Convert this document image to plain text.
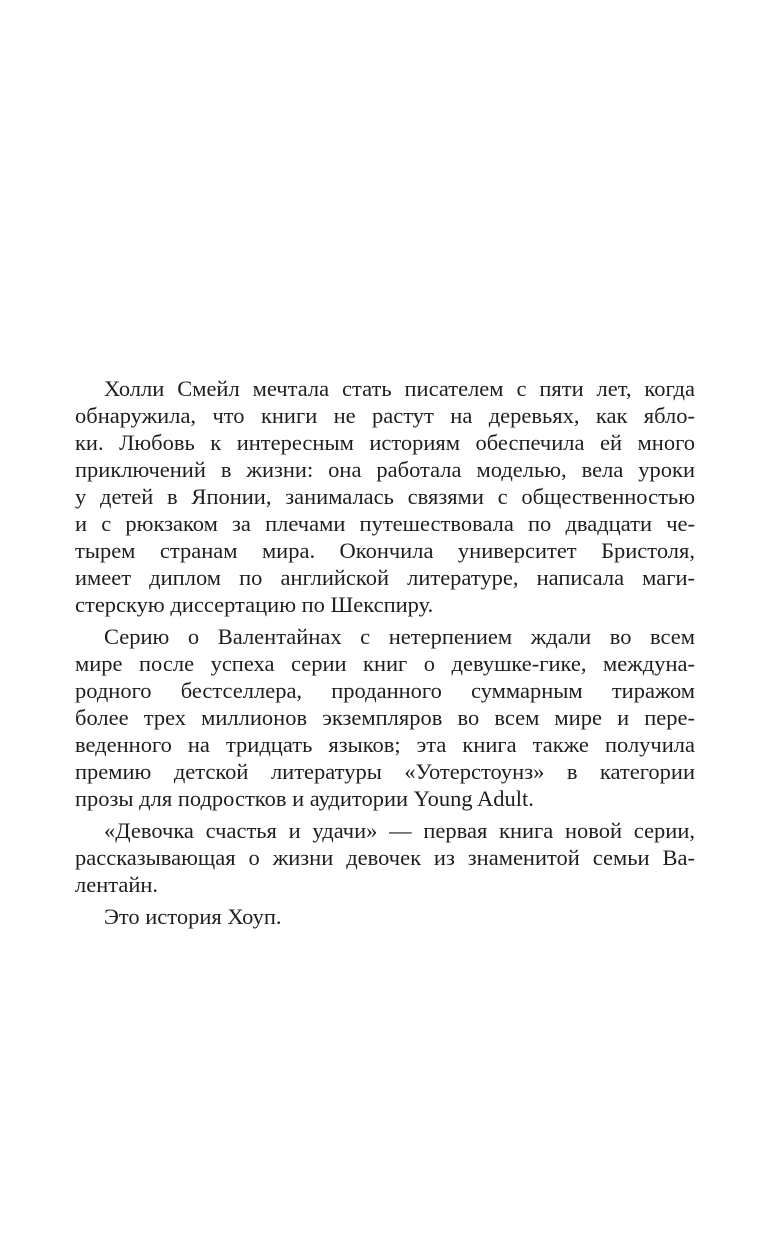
Холли Смейл мечтала стать писателем с пяти лет, когда
обнаружила, что книги не растут на деревьях, как ябло-
ки. Любовь к интересным историям обеспечила ей много
приключений в жизни: она работала моделью, вела уроки
у детей в Японии, занималась связями с общественностью
и с рюкзаком за плечами путешествовала по двадцати че-
тырем странам мира. Окончила университет Бристоля,
имеет диплом по английской литературе, написала маги-
стерскую диссертацию по Шекспиру.
Серию о Валентайнах с нетерпением ждали во всем
мире после успеха серии книг о девушке-гике, междуна-
родного бестселлера, проданного суммарным тиражом
более трех миллионов экземпляров во всем мире и пере-
веденного на тридцать языков; эта книга также получила
премию детской литературы «Уотерстоунз» в категории
прозы для подростков и аудитории Young Adult.
«Девочка счастья и удачи» — первая книга новой серии,
рассказывающая о жизни девочек из знаменитой семьи Ва-
лентайн.
Это история Хоуп.
